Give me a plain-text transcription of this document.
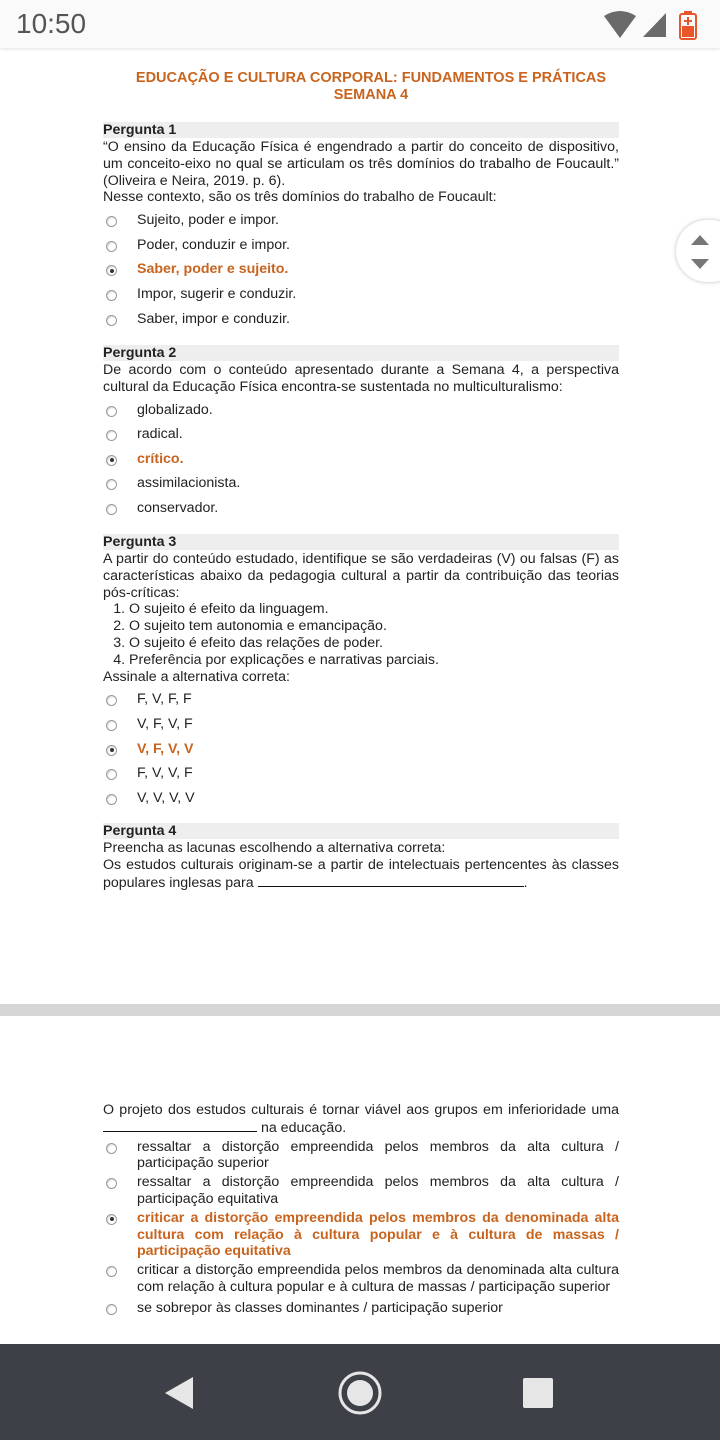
10:50

EDUCAÇÃO E CULTURA CORPORAL: FUNDAMENTOS E PRÁTICAS
SEMANA 4
Pergunta 1
“O ensino da Educação Física é engendrado a partir do conceito de dispositivo, um conceito-eixo no qual se articulam os três domínios do trabalho de Foucault.” (Oliveira e Neira, 2019. p. 6).
Nesse contexto, são os três domínios do trabalho de Foucault:
Sujeito, poder e impor.
Poder, conduzir e impor.
Saber, poder e sujeito.
Impor, sugerir e conduzir.
Saber, impor e conduzir.
Pergunta 2
De acordo com o conteúdo apresentado durante a Semana 4, a perspectiva cultural da Educação Física encontra-se sustentada no multiculturalismo:
globalizado.
radical.
crítico.
assimilacionista.
conservador.
Pergunta 3
A partir do conteúdo estudado, identifique se são verdadeiras (V) ou falsas (F) as características abaixo da pedagogia cultural a partir da contribuição das teorias pós-críticas:
1. O sujeito é efeito da linguagem.
2. O sujeito tem autonomia e emancipação.
3. O sujeito é efeito das relações de poder.
4. Preferência por explicações e narrativas parciais.
Assinale a alternativa correta:
F, V, F, F
V, F, V, F
V, F, V, V
F, V, V, F
V, V, V, V
Pergunta 4
Preencha as lacunas escolhendo a alternativa correta:
Os estudos culturais originam-se a partir de intelectuais pertencentes às classes populares inglesas para	.
O projeto dos estudos culturais é tornar viável aos grupos em inferioridade uma  na educação.
ressaltar a distorção empreendida pelos membros da alta cultura / participação superior
ressaltar a distorção empreendida pelos membros da alta cultura / participação equitativa
criticar a distorção empreendida pelos membros da denominada alta cultura com relação à cultura popular e à cultura de massas / participação equitativa
criticar a distorção empreendida pelos membros da denominada alta cultura com relação à cultura popular e à cultura de massas / participação superior
se sobrepor às classes dominantes / participação superior
